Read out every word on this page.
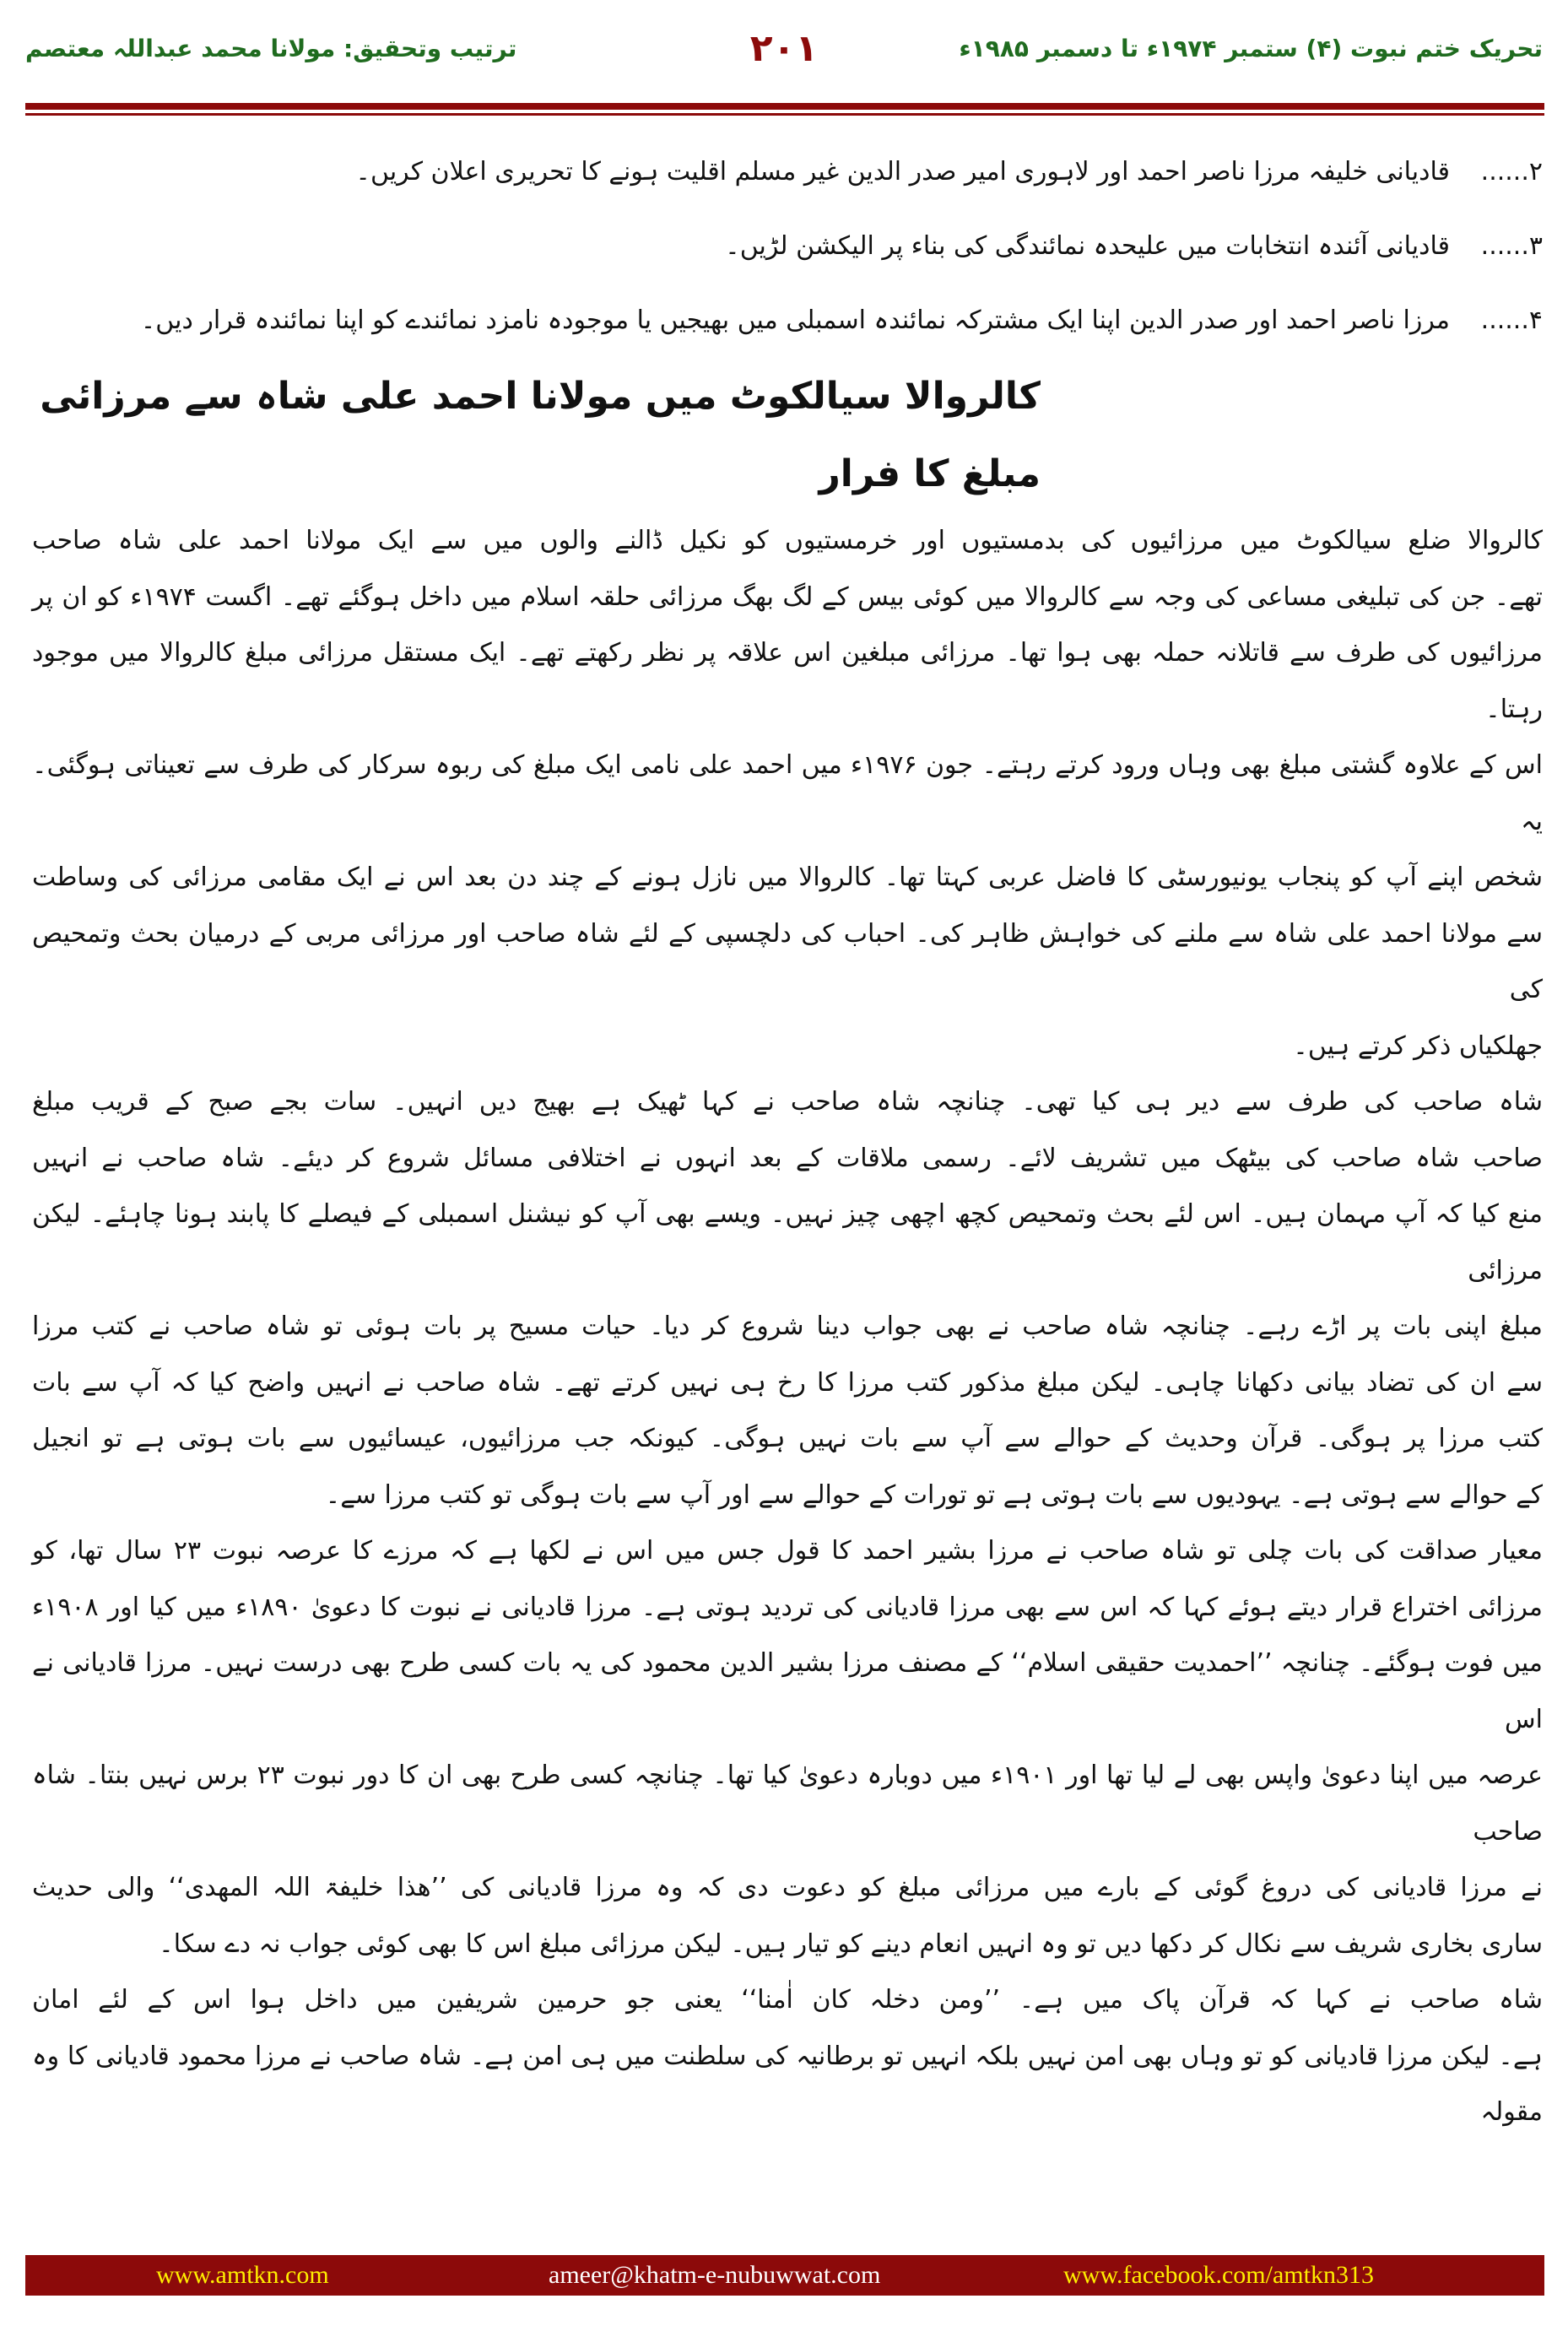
تحریک ختم نبوت (۴) ستمبر ۱۹۷۴ء تا دسمبر ۱۹۸۵ء
۲۰۱
ترتیب وتحقیق: مولانا محمد عبداللہ معتصم
۲......
قادیانی خلیفہ مرزا ناصر احمد اور لاہوری امیر صدر الدین غیر مسلم اقلیت ہونے کا تحریری اعلان کریں۔
۳......
قادیانی آئندہ انتخابات میں علیحدہ نمائندگی کی بناء پر الیکشن لڑیں۔
۴......
مرزا ناصر احمد اور صدر الدین اپنا ایک مشترکہ نمائندہ اسمبلی میں بھیجیں یا موجودہ نامزد نمائندے کو اپنا نمائندہ قرار دیں۔
کالروالا سیالکوٹ میں مولانا احمد علی شاہ سے مرزائی مبلغ کا فرار
کالروالا ضلع سیالکوٹ میں مرزائیوں کی بدمستیوں اور خرمستیوں کو نکیل ڈالنے والوں میں سے ایک مولانا احمد علی شاہ صاحب
تھے۔ جن کی تبلیغی مساعی کی وجہ سے کالروالا میں کوئی بیس کے لگ بھگ مرزائی حلقہ اسلام میں داخل ہوگئے تھے۔ اگست ۱۹۷۴ء کو ان پر
مرزائیوں کی طرف سے قاتلانہ حملہ بھی ہوا تھا۔ مرزائی مبلغین اس علاقہ پر نظر رکھتے تھے۔ ایک مستقل مرزائی مبلغ کالروالا میں موجود رہتا۔
اس کے علاوہ گشتی مبلغ بھی وہاں ورود کرتے رہتے۔ جون ۱۹۷۶ء میں احمد علی نامی ایک مبلغ کی ربوہ سرکار کی طرف سے تعیناتی ہوگئی۔ یہ
شخص اپنے آپ کو پنجاب یونیورسٹی کا فاضل عربی کہتا تھا۔ کالروالا میں نازل ہونے کے چند دن بعد اس نے ایک مقامی مرزائی کی وساطت
سے مولانا احمد علی شاہ سے ملنے کی خواہش ظاہر کی۔ احباب کی دلچسپی کے لئے شاہ صاحب اور مرزائی مربی کے درمیان بحث وتمحیص کی
جھلکیاں ذکر کرتے ہیں۔
شاہ صاحب کی طرف سے دیر ہی کیا تھی۔ چنانچہ شاہ صاحب نے کہا ٹھیک ہے بھیج دیں انہیں۔ سات بجے صبح کے قریب مبلغ
صاحب شاہ صاحب کی بیٹھک میں تشریف لائے۔ رسمی ملاقات کے بعد انہوں نے اختلافی مسائل شروع کر دیئے۔ شاہ صاحب نے انہیں
منع کیا کہ آپ مہمان ہیں۔ اس لئے بحث وتمحیص کچھ اچھی چیز نہیں۔ ویسے بھی آپ کو نیشنل اسمبلی کے فیصلے کا پابند ہونا چاہئے۔ لیکن مرزائی
مبلغ اپنی بات پر اڑے رہے۔ چنانچہ شاہ صاحب نے بھی جواب دینا شروع کر دیا۔ حیات مسیح پر بات ہوئی تو شاہ صاحب نے کتب مرزا
سے ان کی تضاد بیانی دکھانا چاہی۔ لیکن مبلغ مذکور کتب مرزا کا رخ ہی نہیں کرتے تھے۔ شاہ صاحب نے انہیں واضح کیا کہ آپ سے بات
کتب مرزا پر ہوگی۔ قرآن وحدیث کے حوالے سے آپ سے بات نہیں ہوگی۔ کیونکہ جب مرزائیوں، عیسائیوں سے بات ہوتی ہے تو انجیل
کے حوالے سے ہوتی ہے۔ یہودیوں سے بات ہوتی ہے تو تورات کے حوالے سے اور آپ سے بات ہوگی تو کتب مرزا سے۔
معیار صداقت کی بات چلی تو شاہ صاحب نے مرزا بشیر احمد کا قول جس میں اس نے لکھا ہے کہ مرزے کا عرصہ نبوت ۲۳ سال تھا، کو
مرزائی اختراع قرار دیتے ہوئے کہا کہ اس سے بھی مرزا قادیانی کی تردید ہوتی ہے۔ مرزا قادیانی نے نبوت کا دعویٰ ۱۸۹۰ء میں کیا اور ۱۹۰۸ء
میں فوت ہوگئے۔ چنانچہ ’’احمدیت حقیقی اسلام‘‘ کے مصنف مرزا بشیر الدین محمود کی یہ بات کسی طرح بھی درست نہیں۔ مرزا قادیانی نے اس
عرصہ میں اپنا دعویٰ واپس بھی لے لیا تھا اور ۱۹۰۱ء میں دوبارہ دعویٰ کیا تھا۔ چنانچہ کسی طرح بھی ان کا دور نبوت ۲۳ برس نہیں بنتا۔ شاہ صاحب
نے مرزا قادیانی کی دروغ گوئی کے بارے میں مرزائی مبلغ کو دعوت دی کہ وہ مرزا قادیانی کی ’’ھذا خلیفۃ اللہ المھدی‘‘ والی حدیث
ساری بخاری شریف سے نکال کر دکھا دیں تو وہ انہیں انعام دینے کو تیار ہیں۔ لیکن مرزائی مبلغ اس کا بھی کوئی جواب نہ دے سکا۔
شاہ صاحب نے کہا کہ قرآن پاک میں ہے۔ ’’ومن دخلہ کان اٰمنا‘‘ یعنی جو حرمین شریفین میں داخل ہوا اس کے لئے امان
ہے۔ لیکن مرزا قادیانی کو تو وہاں بھی امن نہیں بلکہ انہیں تو برطانیہ کی سلطنت میں ہی امن ہے۔ شاہ صاحب نے مرزا محمود قادیانی کا وہ مقولہ
www.amtkn.com	ameer@khatm-e-nubuwwat.com	www.facebook.com/amtkn313
